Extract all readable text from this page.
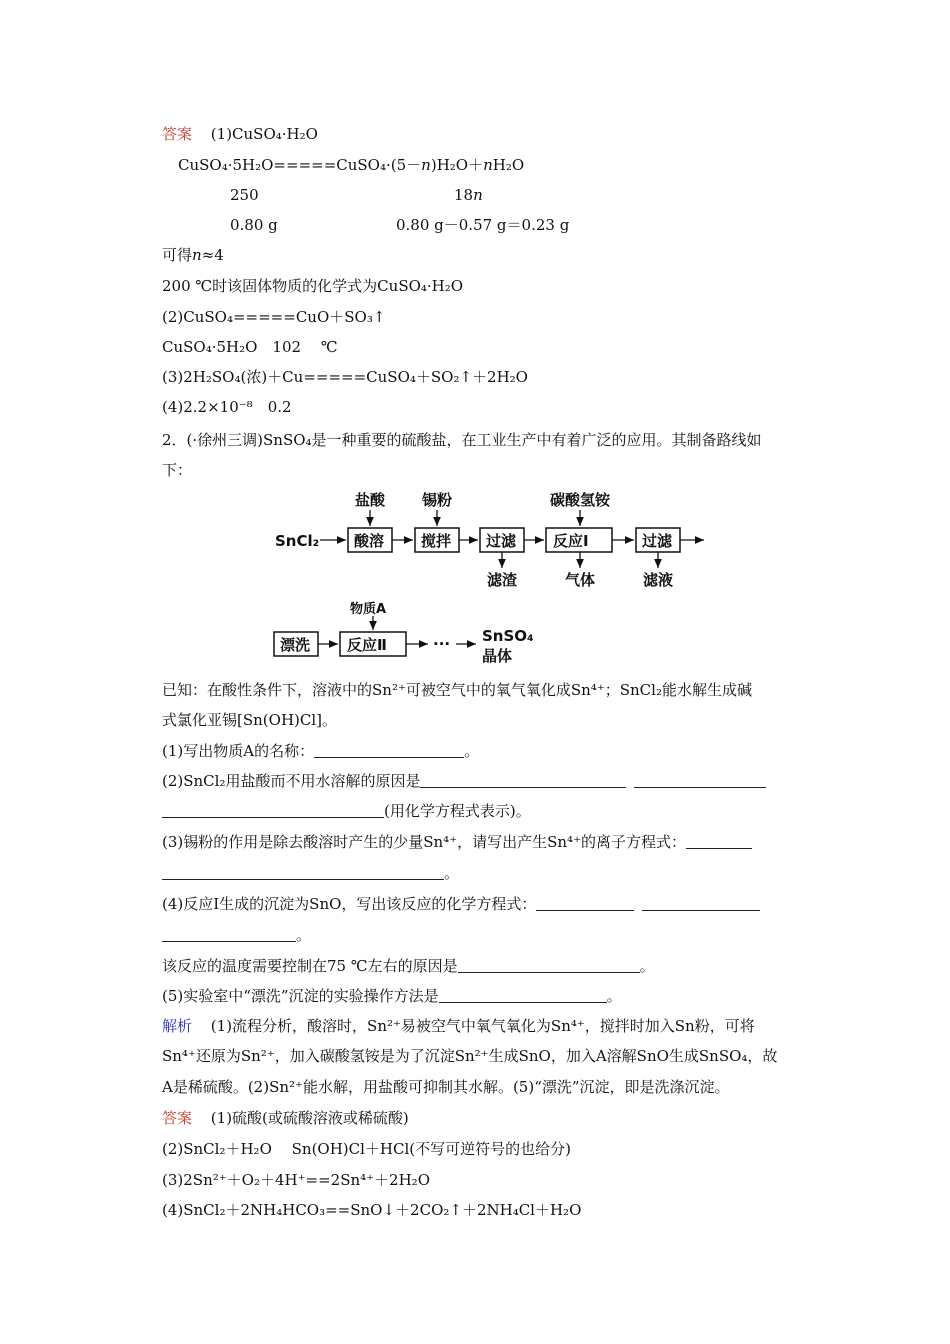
答案 (1)CuSO₄·H₂O
CuSO₄·5H₂O=====CuSO₄·(5－n)H₂O＋nH₂O
250	18n
0.80 g	0.80 g－0.57 g＝0.23 g
可得n≈4
200 ℃时该固体物质的化学式为CuSO₄·H₂O
(2)CuSO₄=====CuO＋SO₃↑
CuSO₄·5H₂O　102　 ℃
(3)2H₂SO₄(浓)＋Cu=====CuSO₄＋SO₂↑＋2H₂O
(4)2.2×10⁻⁸　0.2
2．(·徐州三调)SnSO₄是一种重要的硫酸盐，在工业生产中有着广泛的应用。其制备路线如
下：
SnCl₂ 酸溶
盐酸
搅拌
锡粉
过滤
滤渣
反应Ⅰ
碳酸氢铵
气体
过滤
滤液
漂洗 反应Ⅱ
物质A
··· SnSO₄
晶体
已知：在酸性条件下，溶液中的Sn²⁺可被空气中的氧气氧化成Sn⁴⁺；SnCl₂能水解生成碱
式氯化亚锡[Sn(OH)Cl]。
(1)写出物质A的名称：	。
(2)SnCl₂用盐酸而不用水溶解的原因是
(用化学方程式表示)。
(3)锡粉的作用是除去酸溶时产生的少量Sn⁴⁺，请写出产生Sn⁴⁺的离子方程式：
。
(4)反应Ⅰ生成的沉淀为SnO，写出该反应的化学方程式：
。
该反应的温度需要控制在75 ℃左右的原因是	。
(5)实验室中“漂洗”沉淀的实验操作方法是	。
解析 (1)流程分析，酸溶时，Sn²⁺易被空气中氧气氧化为Sn⁴⁺，搅拌时加入Sn粉，可将
Sn⁴⁺还原为Sn²⁺，加入碳酸氢铵是为了沉淀Sn²⁺生成SnO，加入A溶解SnO生成SnSO₄，故
A是稀硫酸。(2)Sn²⁺能水解，用盐酸可抑制其水解。(5)“漂洗”沉淀，即是洗涤沉淀。
答案 (1)硫酸(或硫酸溶液或稀硫酸)
(2)SnCl₂＋H₂O　 Sn(OH)Cl＋HCl(不写可逆符号的也给分)
(3)2Sn²⁺＋O₂＋4H⁺==2Sn⁴⁺＋2H₂O
(4)SnCl₂＋2NH₄HCO₃==SnO↓＋2CO₂↑＋2NH₄Cl＋H₂O
